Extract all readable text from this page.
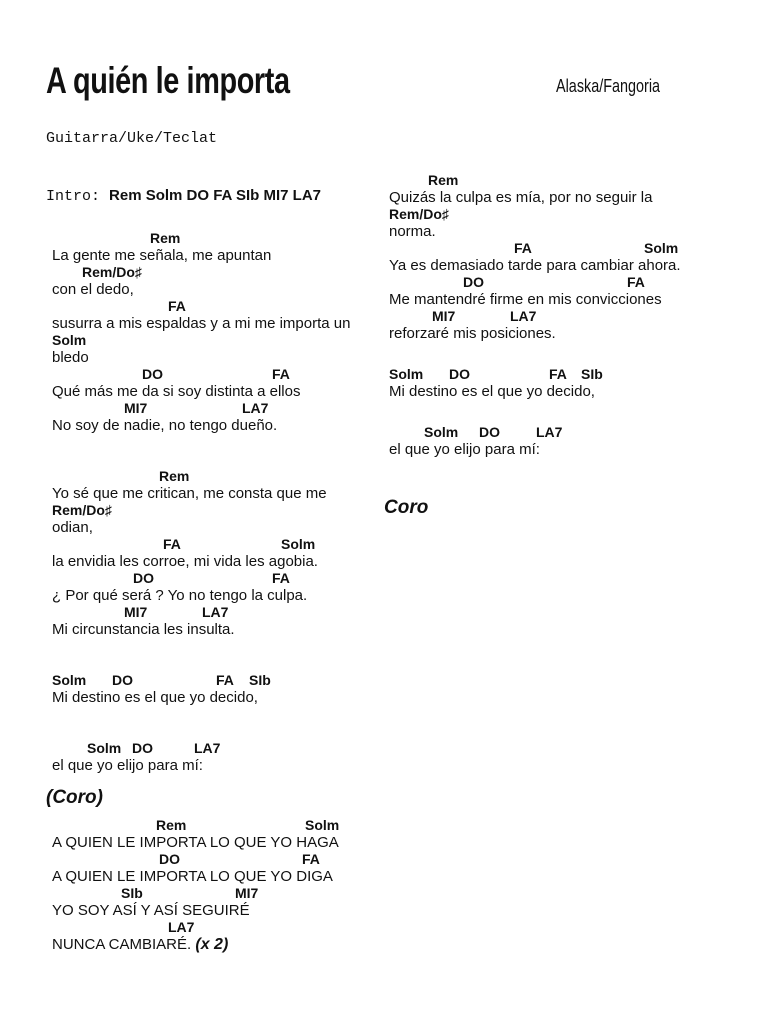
A quién le importa	Alaska/Fangoria
Guitarra/Uke/Teclat
Intro: Rem Solm DO FA SIb MI7 LA7
Rem
La gente me señala, me apuntan
Rem/Do♯
con el dedo,
FA
susurra a mis espaldas y a mi me importa un
Solm
bledo
DO	FA
Qué más me da si soy distinta a ellos
MI7	LA7
No soy de nadie, no tengo dueño.
Rem
Yo sé que me critican, me consta que me
Rem/Do♯
odian,
FA	Solm
la envidia les corroe, mi vida les agobia.
DO	FA
¿ Por qué será ? Yo no tengo la culpa.
MI7	LA7
Mi circunstancia les insulta.
Solm DO	FA SIb
Mi destino es el que yo decido,
Solm DO	LA7
el que yo elijo para mí:
(Coro)
Rem	Solm
A QUIEN LE IMPORTA LO QUE YO HAGA
DO	FA
A QUIEN LE IMPORTA LO QUE YO DIGA
SIb	MI7
YO SOY ASÍ Y ASÍ SEGUIRÉ
LA7
NUNCA CAMBIARÉ. (x 2)
Rem
Quizás la culpa es mía, por no seguir la
Rem/Do♯
norma.
FA	Solm
Ya es demasiado tarde para cambiar ahora.
DO	FA
Me mantendré firme en mis convicciones
MI7	LA7
reforzaré mis posiciones.
Solm DO	FA SIb
Mi destino es el que yo decido,
Solm DO	LA7
el que yo elijo para mí:
Coro
